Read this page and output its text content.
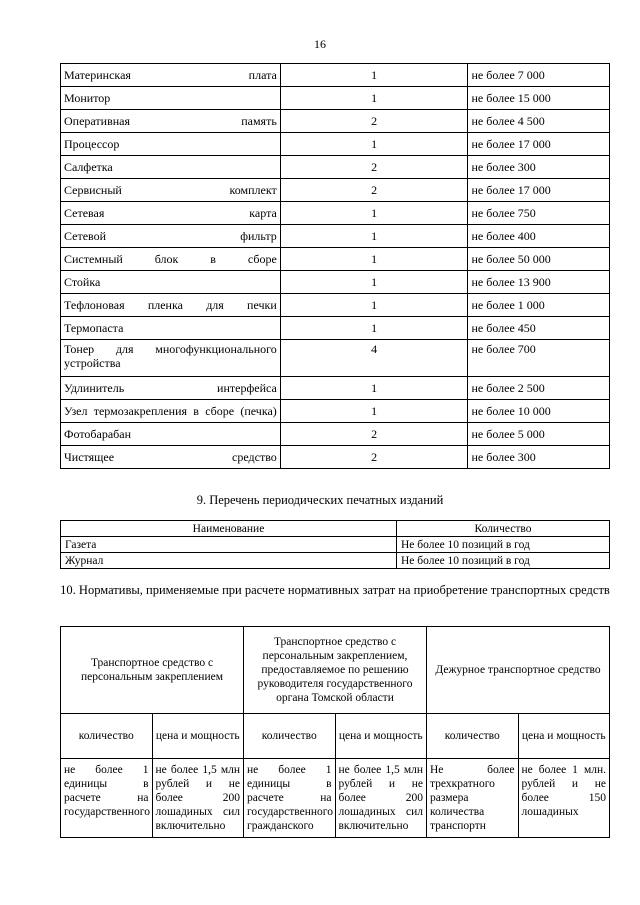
16
Материнская плата	1	не более 7 000
Монитор	1	не более 15 000
Оперативная память	2	не более 4 500
Процессор	1	не более 17 000
Салфетка	2	не более 300
Сервисный комплект	2	не более 17 000
Сетевая карта	1	не более 750
Сетевой фильтр	1	не более 400
Системный блок в сборе	1	не более 50 000
Стойка	1	не более 13 900
Тефлоновая пленка для печки	1	не более 1 000
Термопаста	1	не более 450
Тонер для многофункционального устройства	4	не более 700
Удлинитель интерфейса	1	не более 2 500
Узел термозакрепления в сборе (печка)	1	не более 10 000
Фотобарабан	2	не более 5 000
Чистящее средство	2	не более 300
9. Перечень периодических печатных изданий
Наименование	Количество
Газета	Не более 10 позиций в год
Журнал	Не более 10 позиций в год
10. Нормативы, применяемые при расчете нормативных затрат на приобретение транспортных средств
Транспортное средство с персональным закреплением		Транспортное средство с персональным закреплением, предоставляемое по решению руководителя государственного органа Томской области		Дежурное транспортное средство	
количество	цена и мощность	количество	цена и мощность	количество	цена и мощность
не более 1 единицы в расчете на государственного	не более 1,5 млн рублей и не более 200 лошадиных сил включительно	не более 1 единицы в расчете на государственного гражданского	не более 1,5 млн рублей и не более 200 лошадиных сил включительно	Не более трехкратного размера количества транспортн	не более 1 млн. рублей и не более 150 лошадиных
